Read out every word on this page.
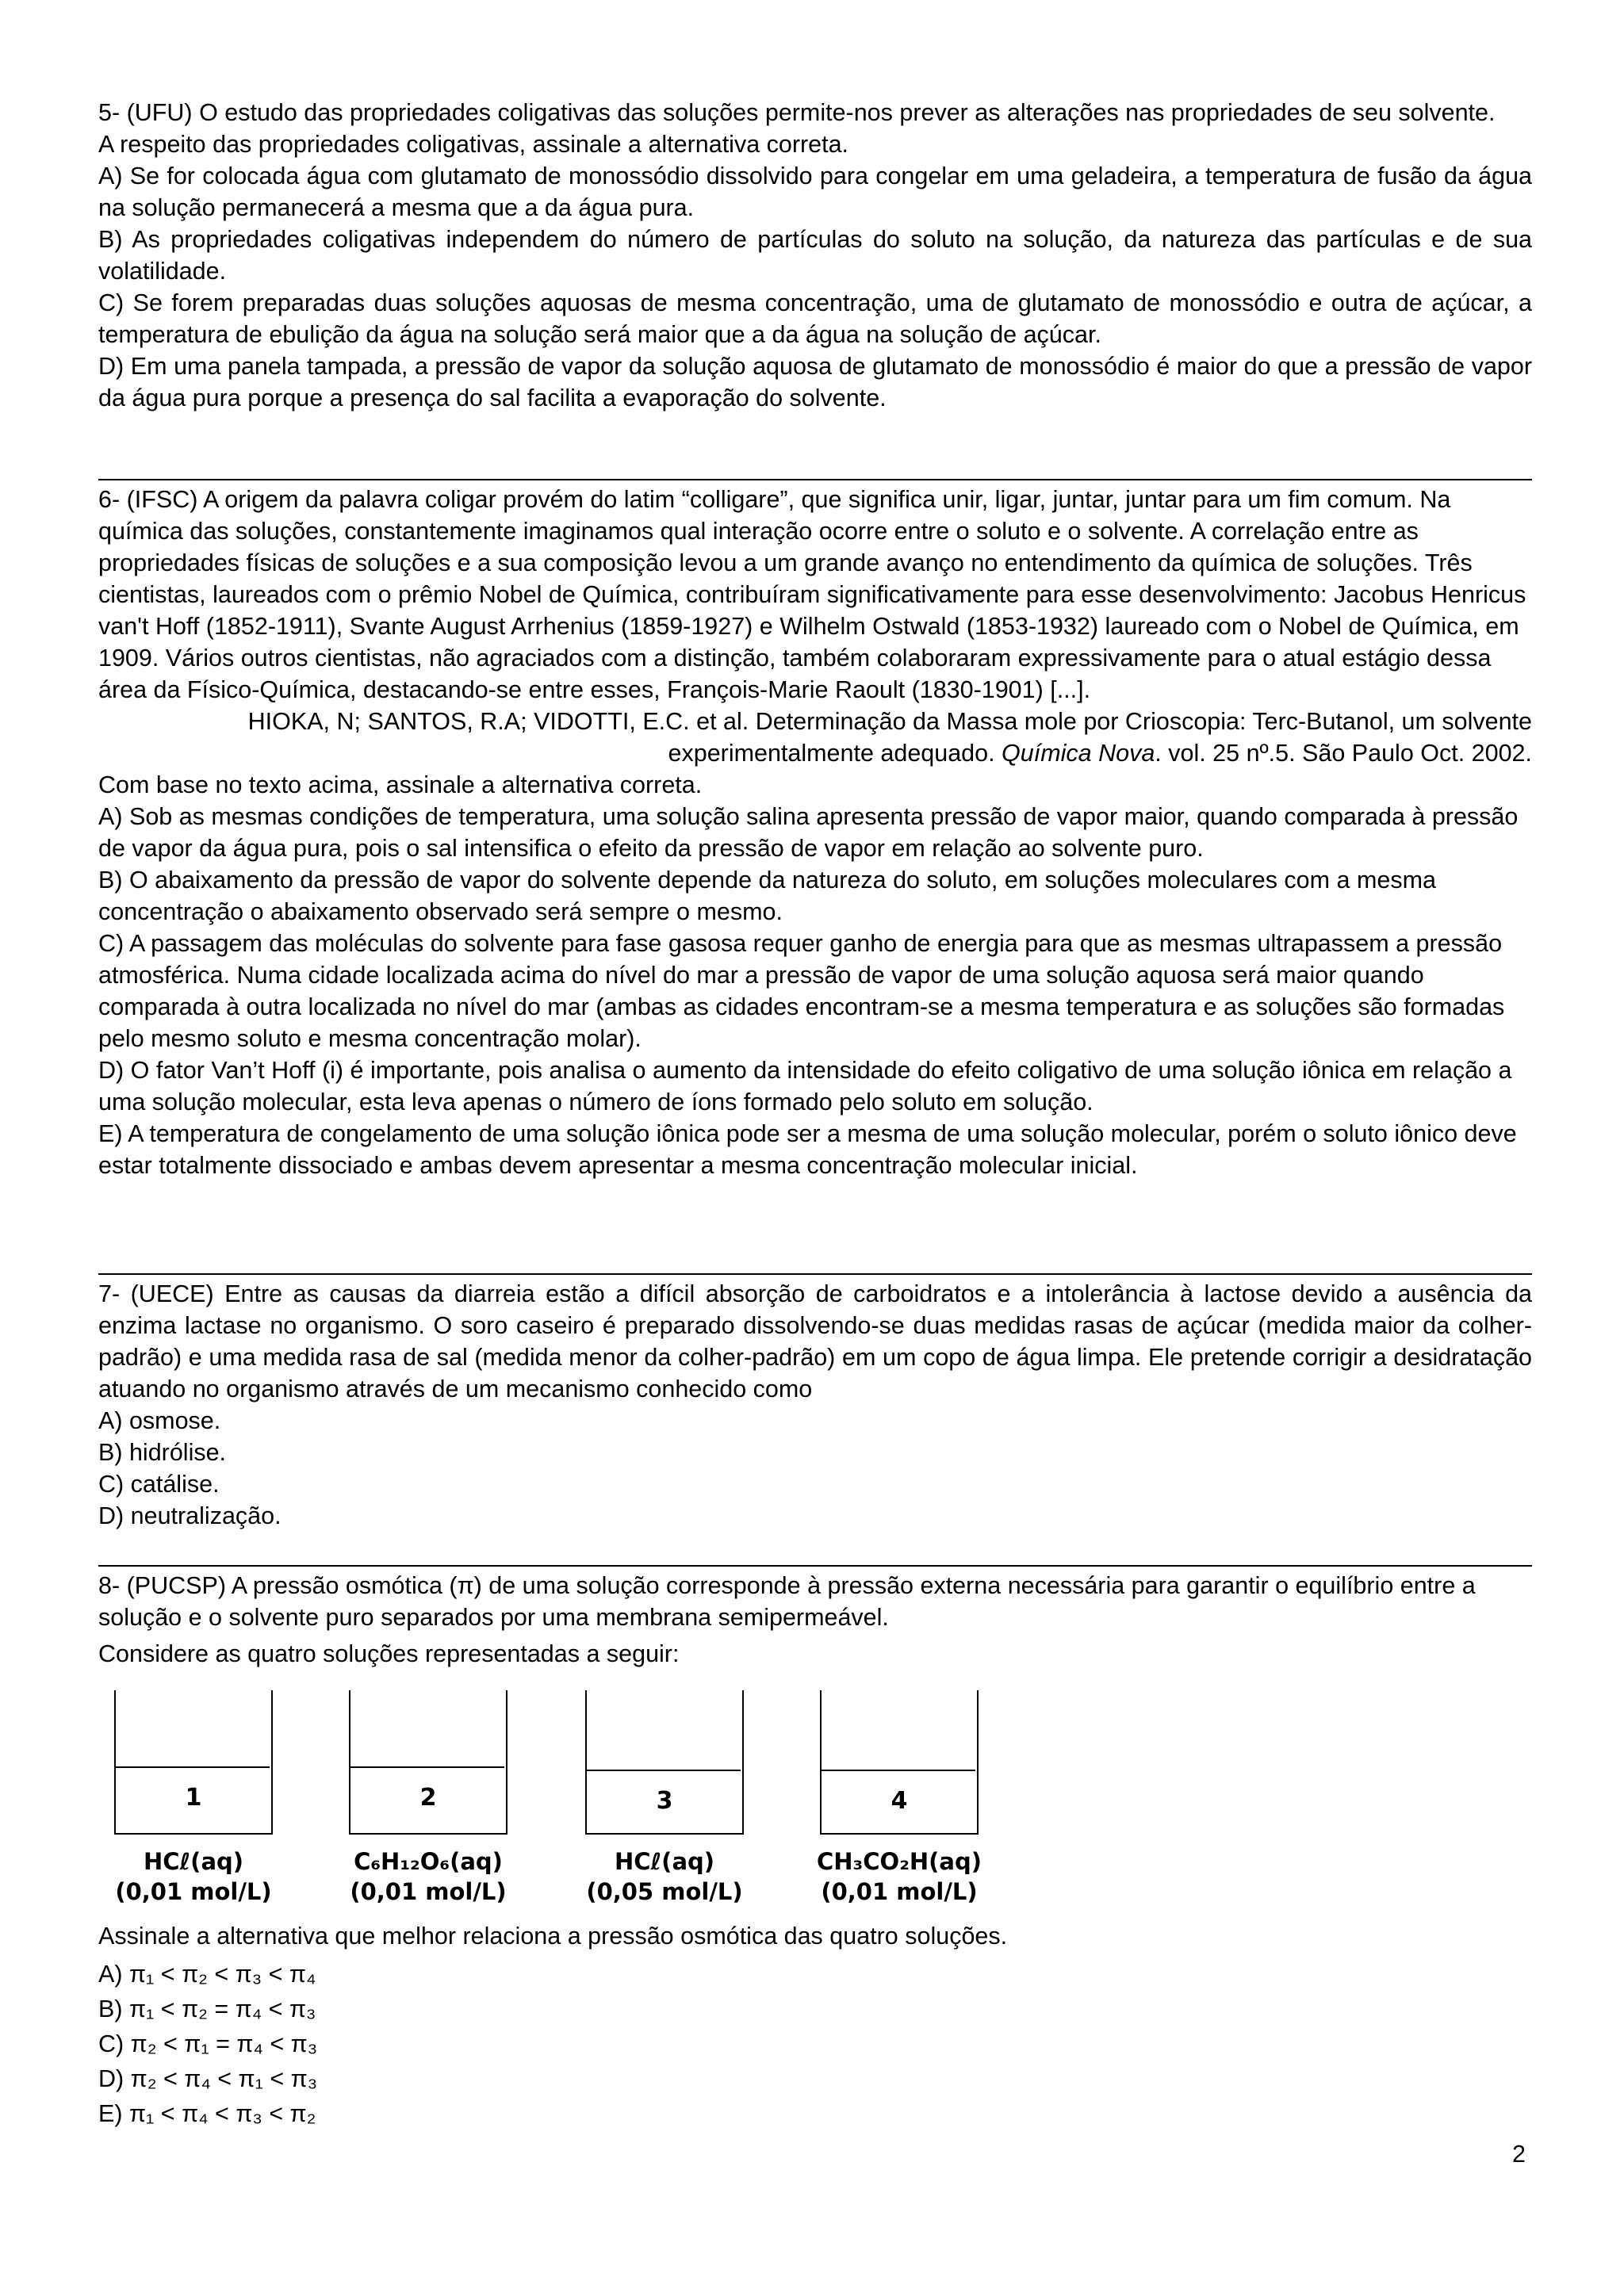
5- (UFU) O estudo das propriedades coligativas das soluções permite-nos prever as alterações nas propriedades de seu solvente.

A respeito das propriedades coligativas, assinale a alternativa correta.

A) Se for colocada água com glutamato de monossódio dissolvido para congelar em uma geladeira, a temperatura de fusão da água na solução permanecerá a mesma que a da água pura.

B) As propriedades coligativas independem do número de partículas do soluto na solução, da natureza das partículas e de sua volatilidade.

C) Se forem preparadas duas soluções aquosas de mesma concentração, uma de glutamato de monossódio e outra de açúcar, a temperatura de ebulição da água na solução será maior que a da água na solução de açúcar.

D) Em uma panela tampada, a pressão de vapor da solução aquosa de glutamato de monossódio é maior do que a pressão de vapor da água pura porque a presença do sal facilita a evaporação do solvente.

6- (IFSC) A origem da palavra coligar provém do latim “colligare”, que significa unir, ligar, juntar, juntar para um fim comum. Na química das soluções, constantemente imaginamos qual interação ocorre entre o soluto e o solvente. A correlação entre as propriedades físicas de soluções e a sua composição levou a um grande avanço no entendimento da química de soluções. Três cientistas, laureados com o prêmio Nobel de Química, contribuíram significativamente para esse desenvolvimento: Jacobus Henricus van't Hoff (1852-1911), Svante August Arrhenius (1859-1927) e Wilhelm Ostwald (1853-1932) laureado com o Nobel de Química, em 1909. Vários outros cientistas, não agraciados com a distinção, também colaboraram expressivamente para o atual estágio dessa área da Físico-Química, destacando-se entre esses, François-Marie Raoult (1830-1901) [...].

HIOKA, N; SANTOS, R.A; VIDOTTI, E.C. et al. Determinação da Massa mole por Crioscopia: Terc-Butanol, um solvente experimentalmente adequado. Química Nova. vol. 25 nº.5. São Paulo Oct. 2002.

Com base no texto acima, assinale a alternativa correta.

A) Sob as mesmas condições de temperatura, uma solução salina apresenta pressão de vapor maior, quando comparada à pressão de vapor da água pura, pois o sal intensifica o efeito da pressão de vapor em relação ao solvente puro.

B) O abaixamento da pressão de vapor do solvente depende da natureza do soluto, em soluções moleculares com a mesma concentração o abaixamento observado será sempre o mesmo.

C) A passagem das moléculas do solvente para fase gasosa requer ganho de energia para que as mesmas ultrapassem a pressão atmosférica. Numa cidade localizada acima do nível do mar a pressão de vapor de uma solução aquosa será maior quando comparada à outra localizada no nível do mar (ambas as cidades encontram-se a mesma temperatura e as soluções são formadas pelo mesmo soluto e mesma concentração molar).

D) O fator Van’t Hoff (i) é importante, pois analisa o aumento da intensidade do efeito coligativo de uma solução iônica em relação a uma solução molecular, esta leva apenas o número de íons formado pelo soluto em solução.

E) A temperatura de congelamento de uma solução iônica pode ser a mesma de uma solução molecular, porém o soluto iônico deve estar totalmente dissociado e ambas devem apresentar a mesma concentração molecular inicial.

7- (UECE) Entre as causas da diarreia estão a difícil absorção de carboidratos e a intolerância à lactose devido a ausência da enzima lactase no organismo. O soro caseiro é preparado dissolvendo-se duas medidas rasas de açúcar (medida maior da colher-padrão) e uma medida rasa de sal (medida menor da colher-padrão) em um copo de água limpa. Ele pretende corrigir a desidratação atuando no organismo através de um mecanismo conhecido como

A) osmose.

B) hidrólise.

C) catálise.

D) neutralização.

8- (PUCSP) A pressão osmótica (π) de uma solução corresponde à pressão externa necessária para garantir o equilíbrio entre a solução e o solvente puro separados por uma membrana semipermeável.

Considere as quatro soluções representadas a seguir:

1
HCℓ(aq)
(0,01 mol/L)
2
C₆H₁₂O₆(aq)
(0,01 mol/L)
3
HCℓ(aq)
(0,05 mol/L)
4
CH₃CO₂H(aq)
(0,01 mol/L)

Assinale a alternativa que melhor relaciona a pressão osmótica das quatro soluções.

A) π₁ < π₂ < π₃ < π₄

B) π₁ < π₂ = π₄ < π₃

C) π₂ < π₁ = π₄ < π₃

D) π₂ < π₄ < π₁ < π₃

E) π₁ < π₄ < π₃ < π₂

2
